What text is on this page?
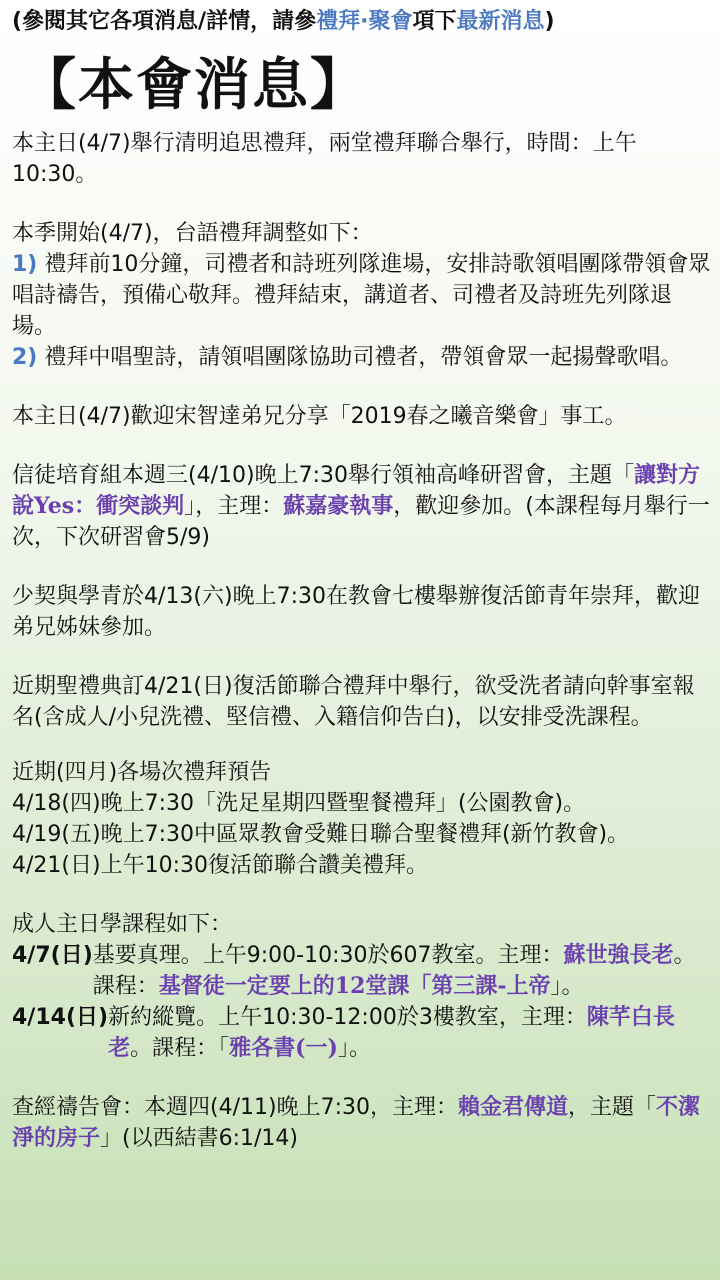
(參閱其它各項消息/詳情，請參禮拜·聚會項下最新消息)
【本會消息】

本主日(4/7)舉行清明追思禮拜，兩堂禮拜聯合舉行，時間：上午10:30。

本季開始(4/7)，台語禮拜調整如下：

1) 禮拜前10分鐘，司禮者和詩班列隊進場，安排詩歌領唱團隊帶領會眾唱詩禱告，預備心敬拜。禮拜結束，講道者、司禮者及詩班先列隊退場。

2) 禮拜中唱聖詩，請領唱團隊協助司禮者，帶領會眾一起揚聲歌唱。

本主日(4/7)歡迎宋智達弟兄分享「2019春之曦音樂會」事工。

信徒培育組本週三(4/10)晚上7:30舉行領袖高峰研習會，主題「讓對方說Yes：衝突談判」，主理：蘇嘉豪執事，歡迎參加。(本課程每月舉行一次，下次研習會5/9)

少契與學青於4/13(六)晚上7:30在教會七樓舉辦復活節青年崇拜，歡迎弟兄姊妹參加。

近期聖禮典訂4/21(日)復活節聯合禮拜中舉行，欲受洗者請向幹事室報名(含成人/小兒洗禮、堅信禮、入籍信仰告白)，以安排受洗課程。

近期(四月)各場次禮拜預告

4/18(四)晚上7:30「洗足星期四暨聖餐禮拜」(公園教會)。

4/19(五)晚上7:30中區眾教會受難日聯合聖餐禮拜(新竹教會)。

4/21(日)上午10:30復活節聯合讚美禮拜。

成人主日學課程如下：

4/7(日) 基要真理。上午9:00-10:30於607教室。主理：蘇世強長老。課程：基督徒一定要上的12堂課「第三課-上帝」。
4/14(日) 新約縱覽。上午10:30-12:00於3樓教室，主理：陳芊白長老。課程：「雅各書(一)」。

查經禱告會：本週四(4/11)晚上7:30，主理：賴金君傳道，主題「不潔淨的房子」(以西結書6:1/14)
